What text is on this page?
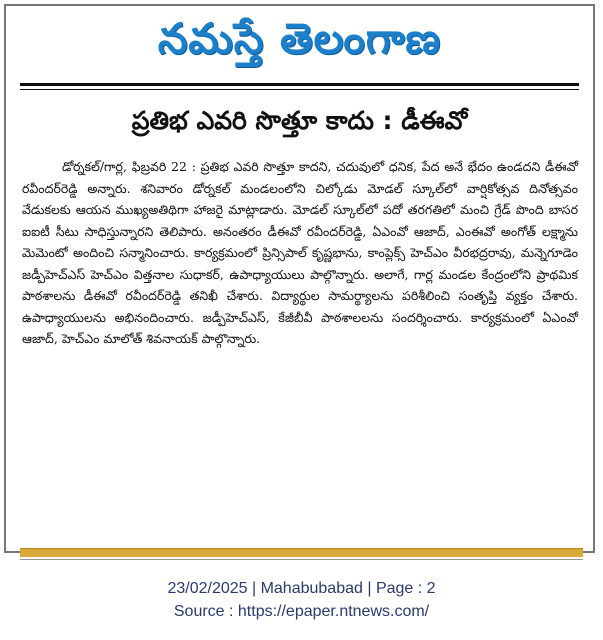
నమస్తే తెలంగాణ
ప్రతిభ ఎవరి సొత్తూ కాదు : డీఈవో

డోర్నకల్/గార్ల, ఫిబ్రవరి 22 : ప్రతిభ ఎవరి సొత్తూ కాదని, చదువులో ధనిక, పేద అనే భేదం ఉండదని డీఈవో రవీందర్‌రెడ్డి అన్నారు. శనివారం డోర్నకల్ మండలంలోని చిల్కోడు మోడల్ స్కూల్‌లో వార్షికోత్సవ దినోత్సవం వేడుకలకు ఆయన ముఖ్యఅతిథిగా హాజరై మాట్లాడారు. మోడల్ స్కూల్‌లో పదో తరగతిలో మంచి గ్రేడ్ పొంది బాసర ఐఐటీ సీటు సాధిస్తున్నారని తెలిపారు. అనంతరం డీఈవో రవీందర్‌రెడ్డి, ఏఎంవో ఆజాద్, ఎంఈవో అంగోత్ లక్ష్మాను మెమెంటో అందించి సన్మానించారు. కార్యక్రమంలో ప్రిన్సిపాల్ కృష్ణభాను, కాంప్లెక్స్ హెచ్‌ఎం వీరభద్రరావు, మన్నెగూడెం జడ్పీహెచ్‌ఎస్ హెచ్‌ఎం విత్తనాల సుధాకర్, ఉపాధ్యాయులు పాల్గొన్నారు. అలాగే, గార్ల మండల కేంద్రంలోని ప్రాథమిక పాఠశాలను డీఈవో రవీందర్‌రెడ్డి తనిఖీ చేశారు. విద్యార్థుల సామర్థ్యాలను పరిశీలించి సంతృప్తి వ్యక్తం చేశారు. ఉపాధ్యాయులను అభినందించారు. జడ్పీహెచ్‌ఎస్, కేజీబీవీ పాఠశాలలను సందర్శించారు. కార్యక్రమంలో ఏఎంవో ఆజాద్, హెచ్‌ఎం మాలోత్ శివనాయక్ పాల్గొన్నారు.

23/02/2025 | Mahabubabad | Page : 2
Source : https://epaper.ntnews.com/
